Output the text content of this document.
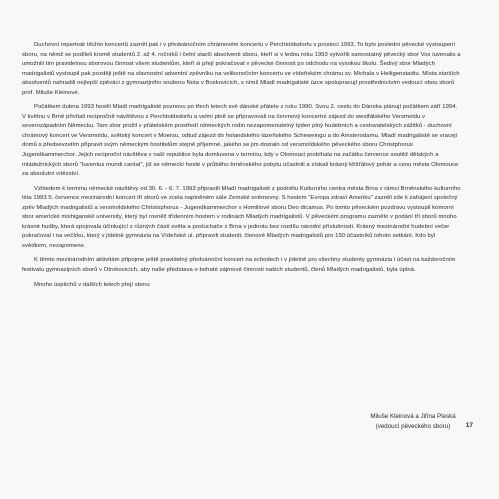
Duchovní repertoár těchto koncertů zazněl pak i v předvánočním chrámovém koncertu v Perchtoldsdorfu v prosinci 1993. To bylo poslední pěvecké vystoupení sboru, na němž se podíleli kromě studentů 2. až 4. ročníků i četní starší absolventi sboru, kteří si v lednu roku 1993 vytvořili samostatný pěvecký sbor Vox iuvenalis a umožnili tím pravidelnou sborovou činnost všem studentům, kteří si přejí pokračovat v pěvecké činnosti po odchodu na vysokou školu. Šedivý sbor Mladých madrigalistů vystoupil pak později ještě na slavnostní adventní zpěvníku na velikonočním koncertu ve vídeňském chrámu sv. Michala v Heiligenstadtu. Místa starších absolventů nahradili nejlepší zpěváci z gymnazijního souboru Nota v Boskovicích, s nímž Mladí madrigalisté úzce spolupracují prostřednictvím vedoucí obou sborů prof. Miluše Kleinové.

Počátkem dubna 1993 hostili Mladí madrigalisté poznovu po třech letech své dánské přátele z roku 1990. Svou 2. cestu do Dánska plánují počátkem září 1994. V květnu v Brně přivítali recipročně návštěvou z Perchtoldsdorfu a velmi plně se připravovali na červnový koncertní zájezd do westfálského Versmoldu v severozápadním Německu. Tam sbor prožil v přátelském prostředí německých rodin nezapomenutelný týden plný hudebních a cestovatelských zážitků - duchovní chrámový koncert ve Versmoldu, světský koncert v Moersu, odtud zájezd do holandského lázeňského Scheweingu a do Amsterodamu. Mladí madrigalisté se vracejí domů s předsevzetím připravit svým německým hostitelům stejně příjemné, jakého se jim dostalo od versmoldského pěveckého sboru Christphorus Jugendkammerchor. Jejich reciproční návštěva v naší republice byla domluvena v termínu, kdy v Olomouci probíhala na začátku července soutěž dětských a mládežnických sborů "Iuventus mundi cantat", již se německí hosté v průběhu brněnského pobytu účastnili a získali krásný křišťálový pohár a cenu města Olomouce za absolutní vítězství.

Vzhledem k termínu německé návštěvy od 30. 6. - 6. 7. 1993 připravili Mladí madrigalisté z podnětu Kulturního centra města Brna v rámci Brněnského kulturního léta 1993 5. července mezinárodní koncert tří sborů ve zcela naplněném sále Zemské sněmovny. S heslem "Evropa zdraví Ameriku" zazněl zde k zahájení společný zpěv Mladých madrigalistů a versmoldského Christophorus - Jugendkammerchor v Homiliové sboru Deo dicamus. Po tomto pěveckém pozdravu vystoupil komorní sbor americké mishiganské university, který byl rovněž třídenním hostem v rodinách Mladých madrigalistů. V pěveckém programu zaznělo v podání tří sborů mnoho krásné hudby, která spojovala účinkující z různých částí světa a posluchače z Brna v jednotu bez rozdílu národní příslušnosti. Krásný mezinárodní hudební večer pokračoval i na večírku, který v jídelně gymnázia na Vídeňské ul. připravili studenti, členové Mladých madrigalistů pro 150 účastníků tohoto setkání. Kdo byl svědkem, nezapomene.

K těmto mezinárodním aktivitám připojme ještě pravidelný předvánoční koncert na schodech i v jídelně pro všechny studenty gymnázia i účast na každoročním festivalu gymnazijních sborů v Otrokovicích, aby naše představa o bohaté zájmové činnosti našich studentů, členů Mladých madrigalistů, byla úplná.

Mnoho úspěchů v dalších letech přejí sboru

Miluše Kleinová a Jiřina Pleská
(vedoucí pěveckého sboru)	17
